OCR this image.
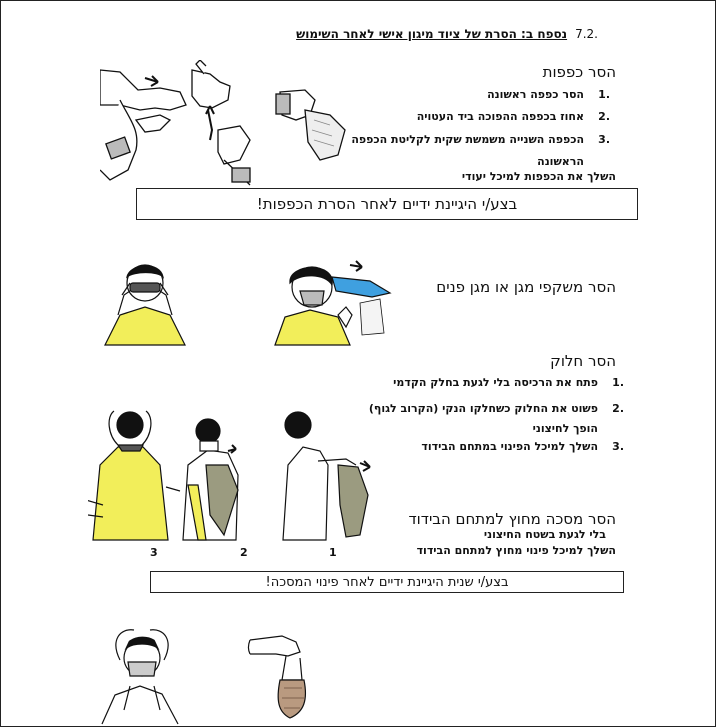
.7.2נספח ב: הסרת של ציוד מיגון אישי לאחר השימוש
הסר כפפות
.1הסר כפפה ראשונה
.2אחוז בכפפה ההפוכה ביד העטויה
.3הכפפה השנייה משמשת שקית לקליטת הכפפה
הראשונה
השלך את הכפפות למיכל יעודי
בצע/י היגיינת ידיים לאחר הסרת הכפפות!
הסר משקפי מגן או מגן פנים
הסר חלוק
.1פתח את הרכיסה בלי לגעת בחלק הקדמי
.2פשוט את החלוק כשחלקו הנקי (הקרוב לגוף)
הופך לחיצוני
.3השלך למיכל הפינוי במתחם הבידוד
3	2	1
הסר מסכה מחוץ למתחם הבידוד
בלי לגעת בשטח החיצוני
השלך למיכל פינוי מחוץ למתחם הבידוד
בצע/י שנית היגיינת ידיים לאחר פינוי המסכה!
